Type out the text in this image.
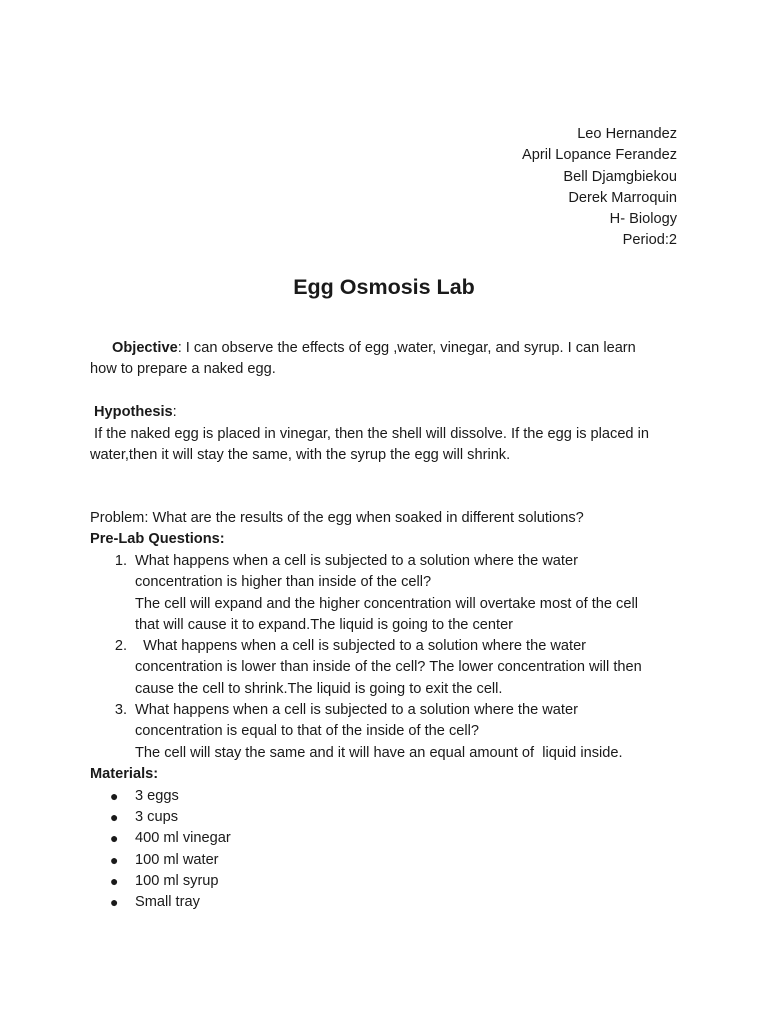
Leo Hernandez
April Lopance Ferandez
Bell Djamgbiekou
Derek Marroquin
H- Biology
Period:2
Egg Osmosis Lab
Objective: I can observe the effects of egg ,water, vinegar, and syrup. I can learn
how to prepare a naked egg.
Hypothesis:
If the naked egg is placed in vinegar, then the shell will dissolve. If the egg is placed in
water,then it will stay the same, with the syrup the egg will shrink.
Problem: What are the results of the egg when soaked in different solutions?
Pre-Lab Questions:
1. What happens when a cell is subjected to a solution where the water
concentration is higher than inside of the cell?
The cell will expand and the higher concentration will overtake most of the cell
that will cause it to expand.The liquid is going to the center
2. What happens when a cell is subjected to a solution where the water
concentration is lower than inside of the cell? The lower concentration will then
cause the cell to shrink.The liquid is going to exit the cell.
3. What happens when a cell is subjected to a solution where the water
concentration is equal to that of the inside of the cell?
The cell will stay the same and it will have an equal amount of  liquid inside.
Materials:
● 3 eggs
● 3 cups
● 400 ml vinegar
● 100 ml water
● 100 ml syrup
● Small tray
